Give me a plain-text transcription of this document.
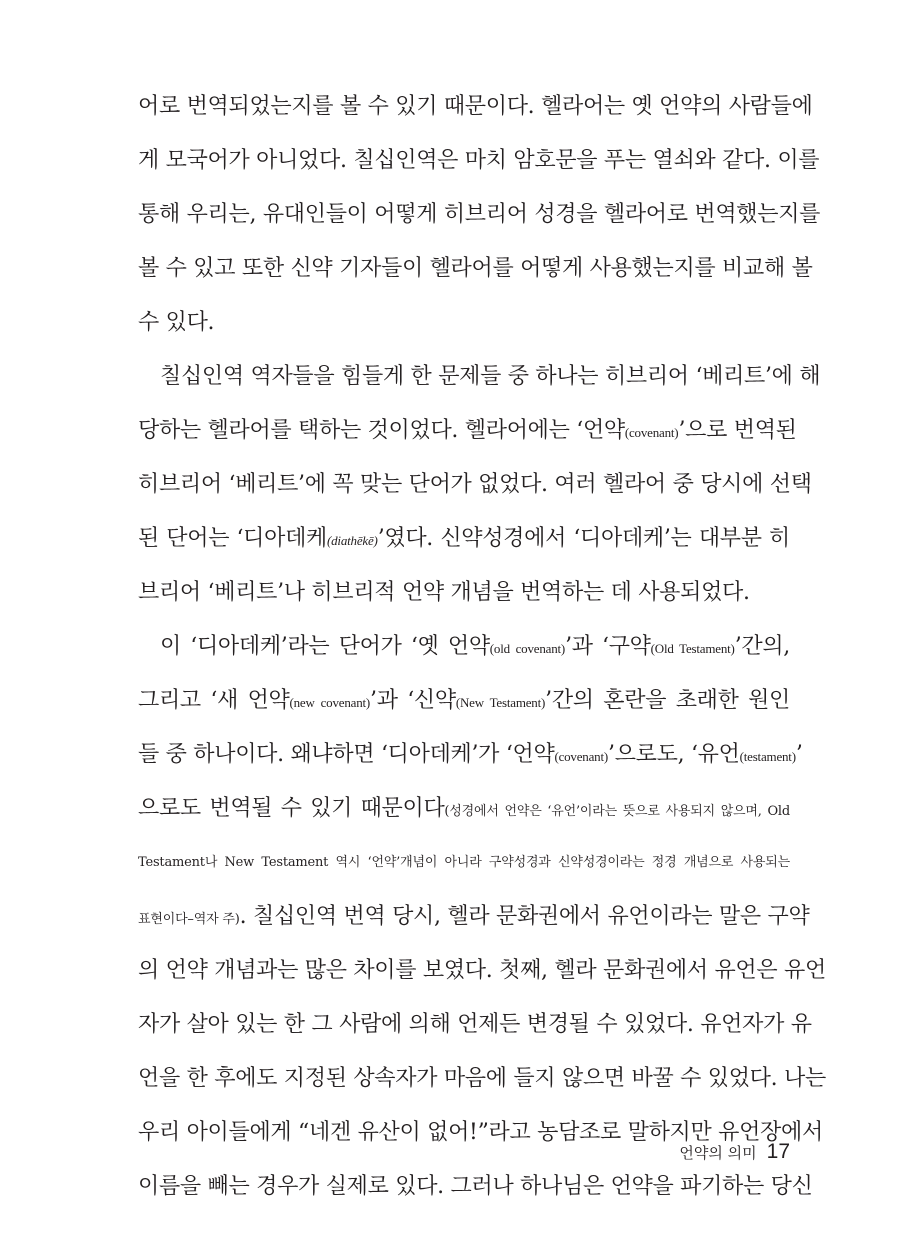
어로 번역되었는지를 볼 수 있기 때문이다. 헬라어는 옛 언약의 사람들에
게 모국어가 아니었다. 칠십인역은 마치 암호문을 푸는 열쇠와 같다. 이를
통해 우리는, 유대인들이 어떻게 히브리어 성경을 헬라어로 번역했는지를
볼 수 있고 또한 신약 기자들이 헬라어를 어떻게 사용했는지를 비교해 볼
수 있다.
칠십인역 역자들을 힘들게 한 문제들 중 하나는 히브리어 ‘베리트’에 해
당하는 헬라어를 택하는 것이었다. 헬라어에는 ‘언약(covenant)’으로 번역된
히브리어 ‘베리트’에 꼭 맞는 단어가 없었다. 여러 헬라어 중 당시에 선택
된 단어는 ‘디아데케(diathēkē)’였다. 신약성경에서 ‘디아데케’는 대부분 히
브리어 ‘베리트’나 히브리적 언약 개념을 번역하는 데 사용되었다.
이 ‘디아데케’라는 단어가 ‘옛 언약(old covenant)’과 ‘구약(Old Testament)’간의,
그리고 ‘새 언약(new covenant)’과 ‘신약(New Testament)’간의 혼란을 초래한 원인
들 중 하나이다. 왜냐하면 ‘디아데케’가 ‘언약(covenant)’으로도, ‘유언(testament)’
으로도 번역될 수 있기 때문이다(성경에서 언약은 ‘유언’이라는 뜻으로 사용되지 않으며, Old
Testament나 New Testament 역시 ‘언약’개념이 아니라 구약성경과 신약성경이라는 정경 개념으로 사용되는
표현이다–역자 주). 칠십인역 번역 당시, 헬라 문화권에서 유언이라는 말은 구약
의 언약 개념과는 많은 차이를 보였다. 첫째, 헬라 문화권에서 유언은 유언
자가 살아 있는 한 그 사람에 의해 언제든 변경될 수 있었다. 유언자가 유
언을 한 후에도 지정된 상속자가 마음에 들지 않으면 바꿀 수 있었다. 나는
우리 아이들에게 “네겐 유산이 없어!”라고 농담조로 말하지만 유언장에서
이름을 빼는 경우가 실제로 있다. 그러나 하나님은 언약을 파기하는 당신
언약의 의미 17
